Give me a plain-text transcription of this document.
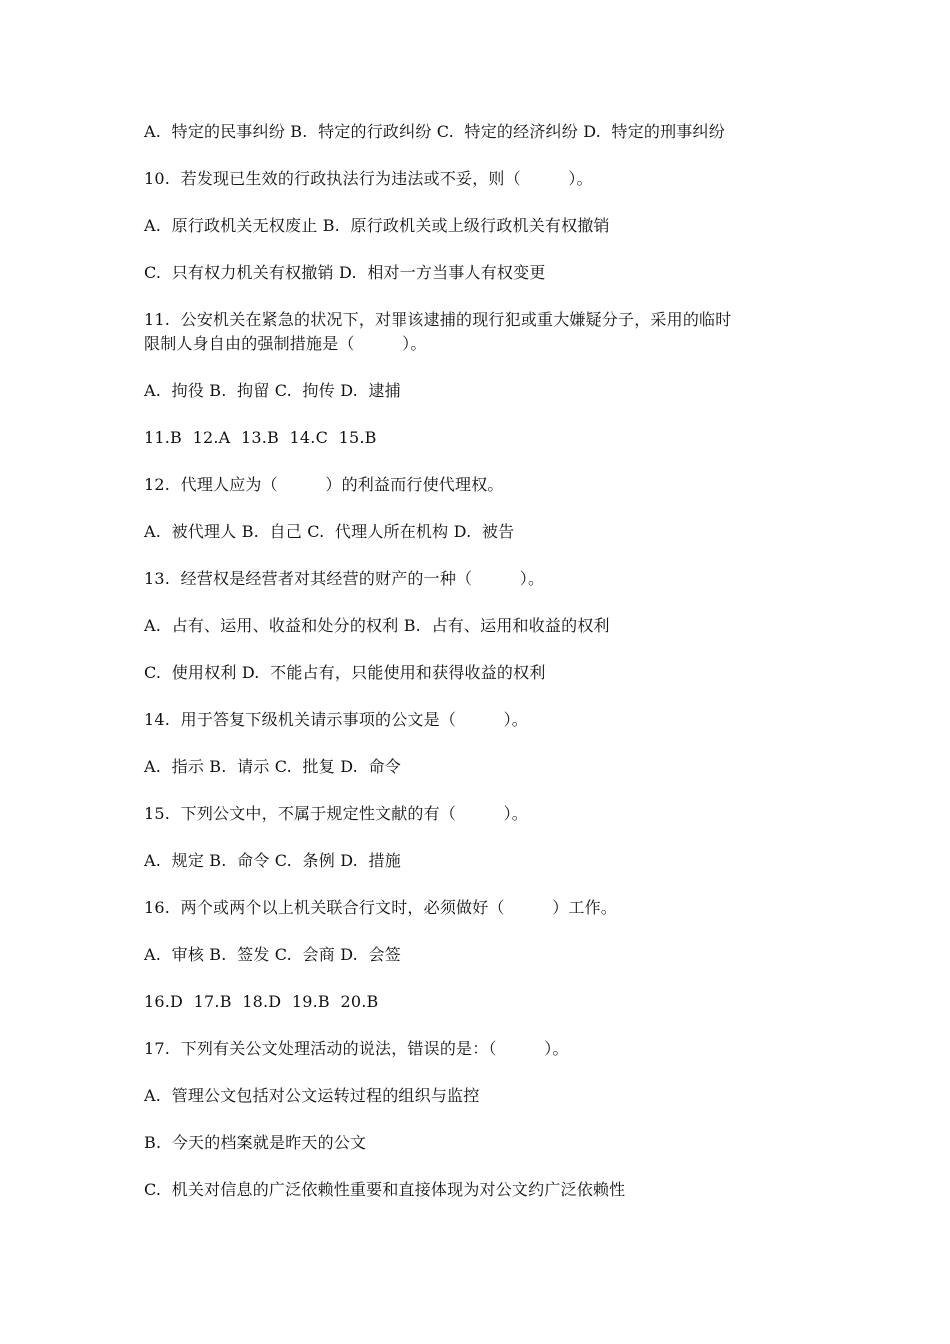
A.  特定的民事纠纷 B.  特定的行政纠纷 C.  特定的经济纠纷 D.  特定的刑事纠纷

10.  若发现已生效的行政执法行为违法或不妥，则（         ）。

A.  原行政机关无权废止 B.  原行政机关或上级行政机关有权撤销

C.  只有权力机关有权撤销 D.  相对一方当事人有权变更

11.  公安机关在紧急的状况下，对罪该逮捕的现行犯或重大嫌疑分子，采用的临时

限制人身自由的强制措施是（         ）。

A.  拘役 B.  拘留 C.  拘传 D.  逮捕

11.B  12.A  13.B  14.C  15.B

12.  代理人应为（         ）的利益而行使代理权。

A.  被代理人 B.  自己 C.  代理人所在机构 D.  被告

13.  经营权是经营者对其经营的财产的一种（         ）。

A.  占有、运用、收益和处分的权利 B.  占有、运用和收益的权利

C.  使用权利 D.  不能占有，只能使用和获得收益的权利

14.  用于答复下级机关请示事项的公文是（         ）。

A.  指示 B.  请示 C.  批复 D.  命令

15.  下列公文中，不属于规定性文献的有（         ）。

A.  规定 B.  命令 C.  条例 D.  措施

16.  两个或两个以上机关联合行文时，必须做好（         ）工作。

A.  审核 B.  签发 C.  会商 D.  会签

16.D  17.B  18.D  19.B  20.B

17.  下列有关公文处理活动的说法，错误的是：（         ）。

A.  管理公文包括对公文运转过程的组织与监控

B.  今天的档案就是昨天的公文

C.  机关对信息的广泛依赖性重要和直接体现为对公文约广泛依赖性
